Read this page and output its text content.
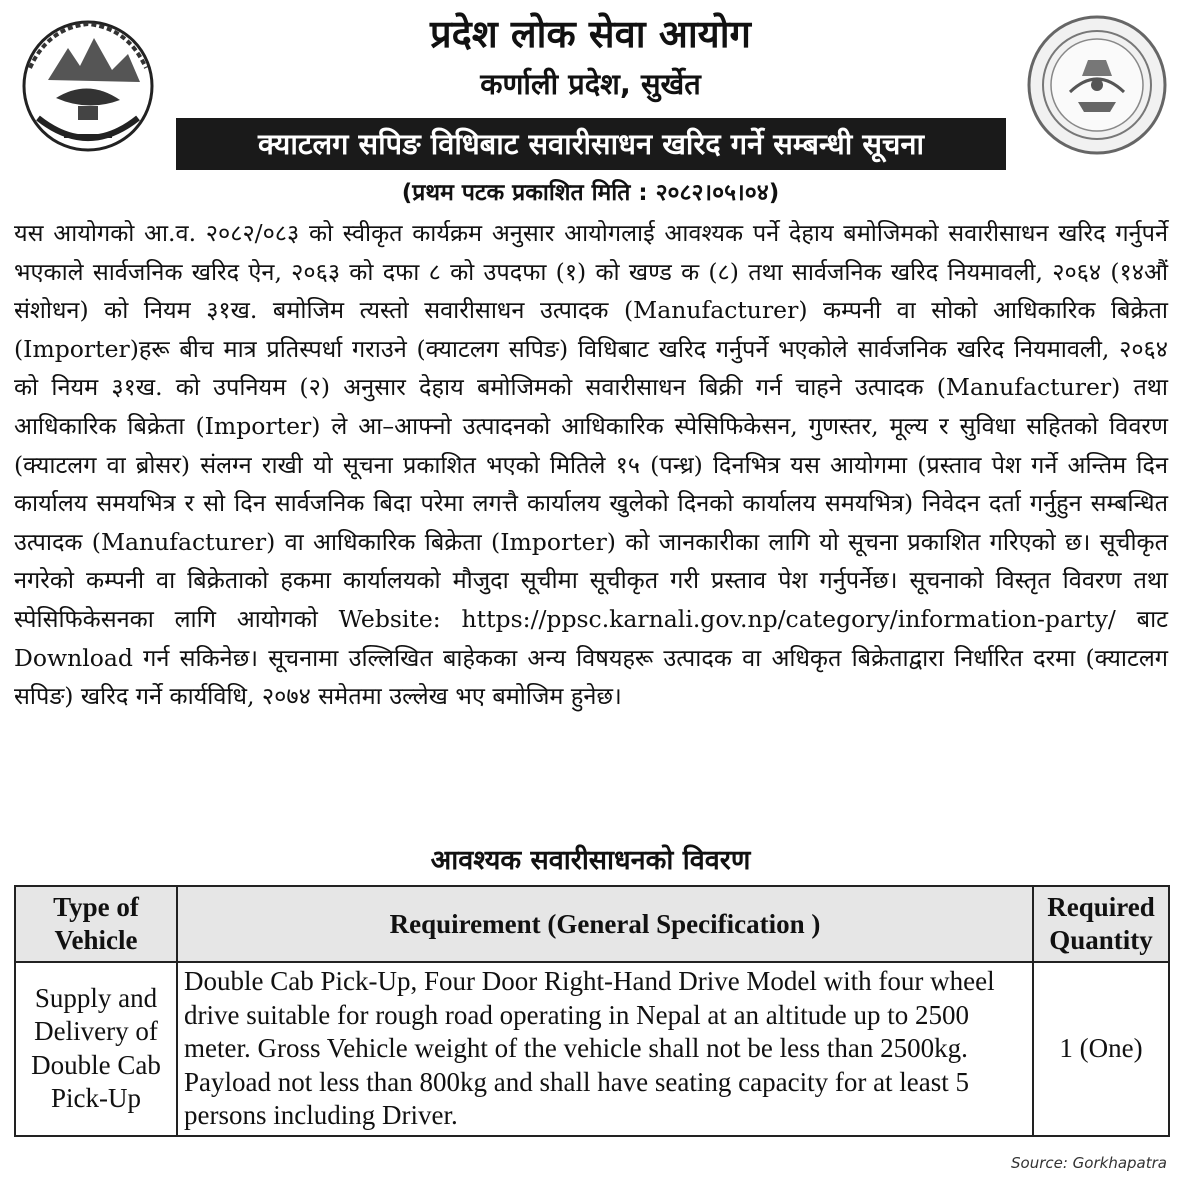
प्रदेश लोक सेवा आयोग
कर्णाली प्रदेश, सुर्खेत
क्याटलग सपिङ विधिबाट सवारीसाधन खरिद गर्ने सम्बन्धी सूचना
(प्रथम पटक प्रकाशित मिति : २०८२।०५।०४)

यस आयोगको आ.व. २०८२/०८३ को स्वीकृत कार्यक्रम अनुसार आयोगलाई आवश्यक पर्ने देहाय बमोजिमको सवारीसाधन खरिद गर्नुपर्ने भएकाले सार्वजनिक खरिद ऐन, २०६३ को दफा ८ को उपदफा (१) को खण्ड क (८) तथा सार्वजनिक खरिद नियमावली, २०६४ (१४औं संशोधन) को नियम ३१ख. बमोजिम त्यस्तो सवारीसाधन उत्पादक (Manufacturer) कम्पनी वा सोको आधिकारिक बिक्रेता (Importer)हरू बीच मात्र प्रतिस्पर्धा गराउने (क्याटलग सपिङ) विधिबाट खरिद गर्नुपर्ने भएकोले सार्वजनिक खरिद नियमावली, २०६४ को नियम ३१ख. को उपनियम (२) अनुसार देहाय बमोजिमको सवारीसाधन बिक्री गर्न चाहने उत्पादक (Manufacturer) तथा आधिकारिक बिक्रेता (Importer) ले आ–आफ्नो उत्पादनको आधिकारिक स्पेसिफिकेसन, गुणस्तर, मूल्य र सुविधा सहितको विवरण (क्याटलग वा ब्रोसर) संलग्न राखी यो सूचना प्रकाशित भएको मितिले १५ (पन्ध्र) दिनभित्र यस आयोगमा (प्रस्ताव पेश गर्ने अन्तिम दिन कार्यालय समयभित्र र सो दिन सार्वजनिक बिदा परेमा लगत्तै कार्यालय खुलेको दिनको कार्यालय समयभित्र) निवेदन दर्ता गर्नुहुन सम्बन्धित उत्पादक (Manufacturer) वा आधिकारिक बिक्रेता (Importer) को जानकारीका लागि यो सूचना प्रकाशित गरिएको छ। सूचीकृत नगरेको कम्पनी वा बिक्रेताको हकमा कार्यालयको मौजुदा सूचीमा सूचीकृत गरी प्रस्ताव पेश गर्नुपर्नेछ। सूचनाको विस्तृत विवरण तथा स्पेसिफिकेसनका लागि आयोगको Website: https://ppsc.karnali.gov.np/category/information-party/ बाट Download गर्न सकिनेछ। सूचनामा उल्लिखित बाहेकका अन्य विषयहरू उत्पादक वा अधिकृत बिक्रेताद्वारा निर्धारित दरमा (क्याटलग सपिङ) खरिद गर्ने कार्यविधि, २०७४ समेतमा उल्लेख भए बमोजिम हुनेछ।

आवश्यक सवारीसाधनको विवरण
Type of Vehicle	Requirement (General Specification )	Required Quantity
Supply and Delivery of Double Cab Pick-Up	Double Cab Pick-Up, Four Door Right-Hand Drive Model with four wheel drive suitable for rough road operating in Nepal at an altitude up to 2500 meter. Gross Vehicle weight of the vehicle shall not be less than 2500kg. Payload not less than 800kg and shall have seating capacity for at least 5 persons including Driver.	1 (One)
Source: Gorkhapatra
